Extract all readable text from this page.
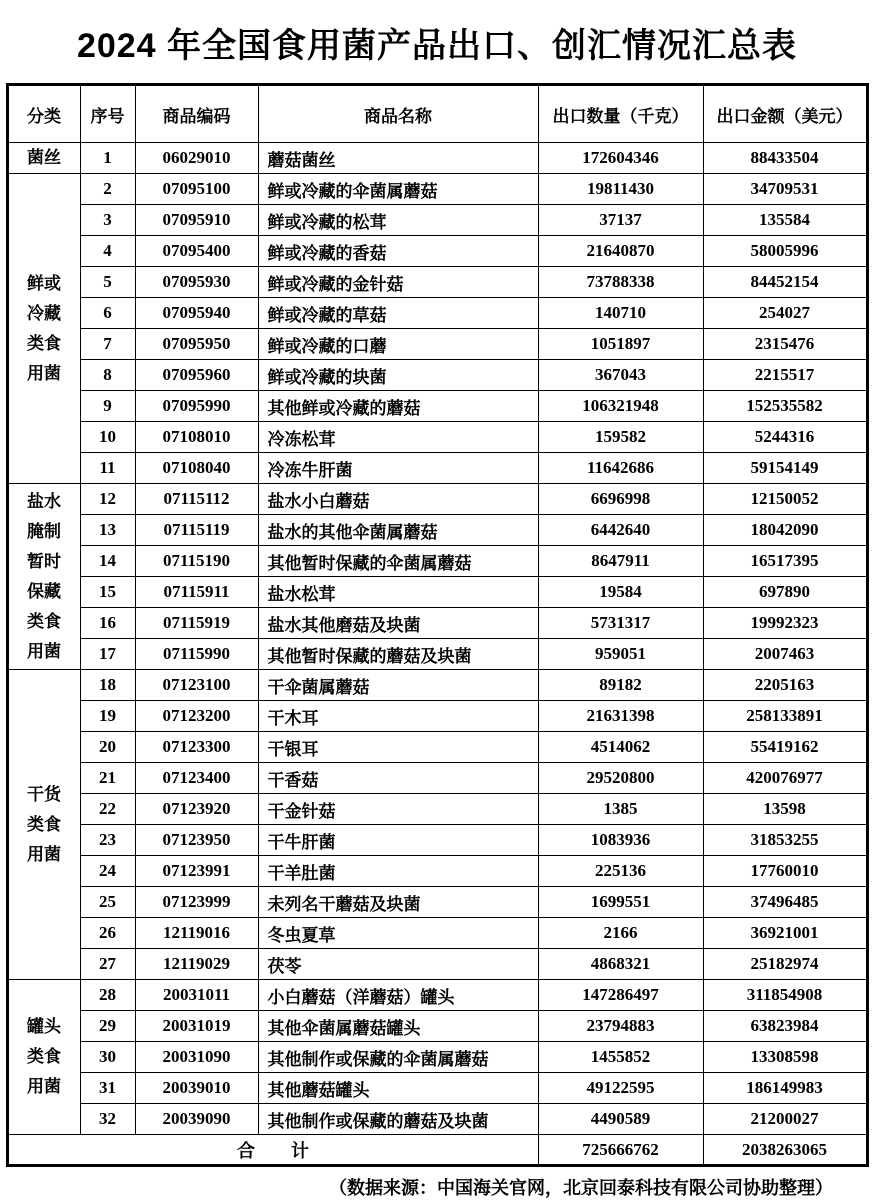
2024 年全国食用菌产品出口、创汇情况汇总表
分类	序号	商品编码	商品名称	出口数量（千克）	出口金额（美元）
菌丝	1	06029010	蘑菇菌丝	172604346	88433504
鲜或冷藏类食用菌	2	07095100	鲜或冷藏的伞菌属蘑菇	19811430	34709531
	3	07095910	鲜或冷藏的松茸	37137	135584
	4	07095400	鲜或冷藏的香菇	21640870	58005996
	5	07095930	鲜或冷藏的金针菇	73788338	84452154
	6	07095940	鲜或冷藏的草菇	140710	254027
	7	07095950	鲜或冷藏的口蘑	1051897	2315476
	8	07095960	鲜或冷藏的块菌	367043	2215517
	9	07095990	其他鲜或冷藏的蘑菇	106321948	152535582
	10	07108010	冷冻松茸	159582	5244316
	11	07108040	冷冻牛肝菌	11642686	59154149
盐水腌制暂时保藏类食用菌	12	07115112	盐水小白蘑菇	6696998	12150052
	13	07115119	盐水的其他伞菌属蘑菇	6442640	18042090
	14	07115190	其他暂时保藏的伞菌属蘑菇	8647911	16517395
	15	07115911	盐水松茸	19584	697890
	16	07115919	盐水其他磨菇及块菌	5731317	19992323
	17	07115990	其他暂时保藏的蘑菇及块菌	959051	2007463
干货类食用菌	18	07123100	干伞菌属蘑菇	89182	2205163
	19	07123200	干木耳	21631398	258133891
	20	07123300	干银耳	4514062	55419162
	21	07123400	干香菇	29520800	420076977
	22	07123920	干金针菇	1385	13598
	23	07123950	干牛肝菌	1083936	31853255
	24	07123991	干羊肚菌	225136	17760010
	25	07123999	未列名干蘑菇及块菌	1699551	37496485
	26	12119016	冬虫夏草	2166	36921001
	27	12119029	茯苓	4868321	25182974
罐头类食用菌	28	20031011	小白蘑菇（洋蘑菇）罐头	147286497	311854908
	29	20031019	其他伞菌属蘑菇罐头	23794883	63823984
	30	20031090	其他制作或保藏的伞菌属蘑菇	1455852	13308598
	31	20039010	其他蘑菇罐头	49122595	186149983
	32	20039090	其他制作或保藏的蘑菇及块菌	4490589	21200027
合　　计				725666762	2038263065
（数据来源：中国海关官网，北京回泰科技有限公司协助整理）
